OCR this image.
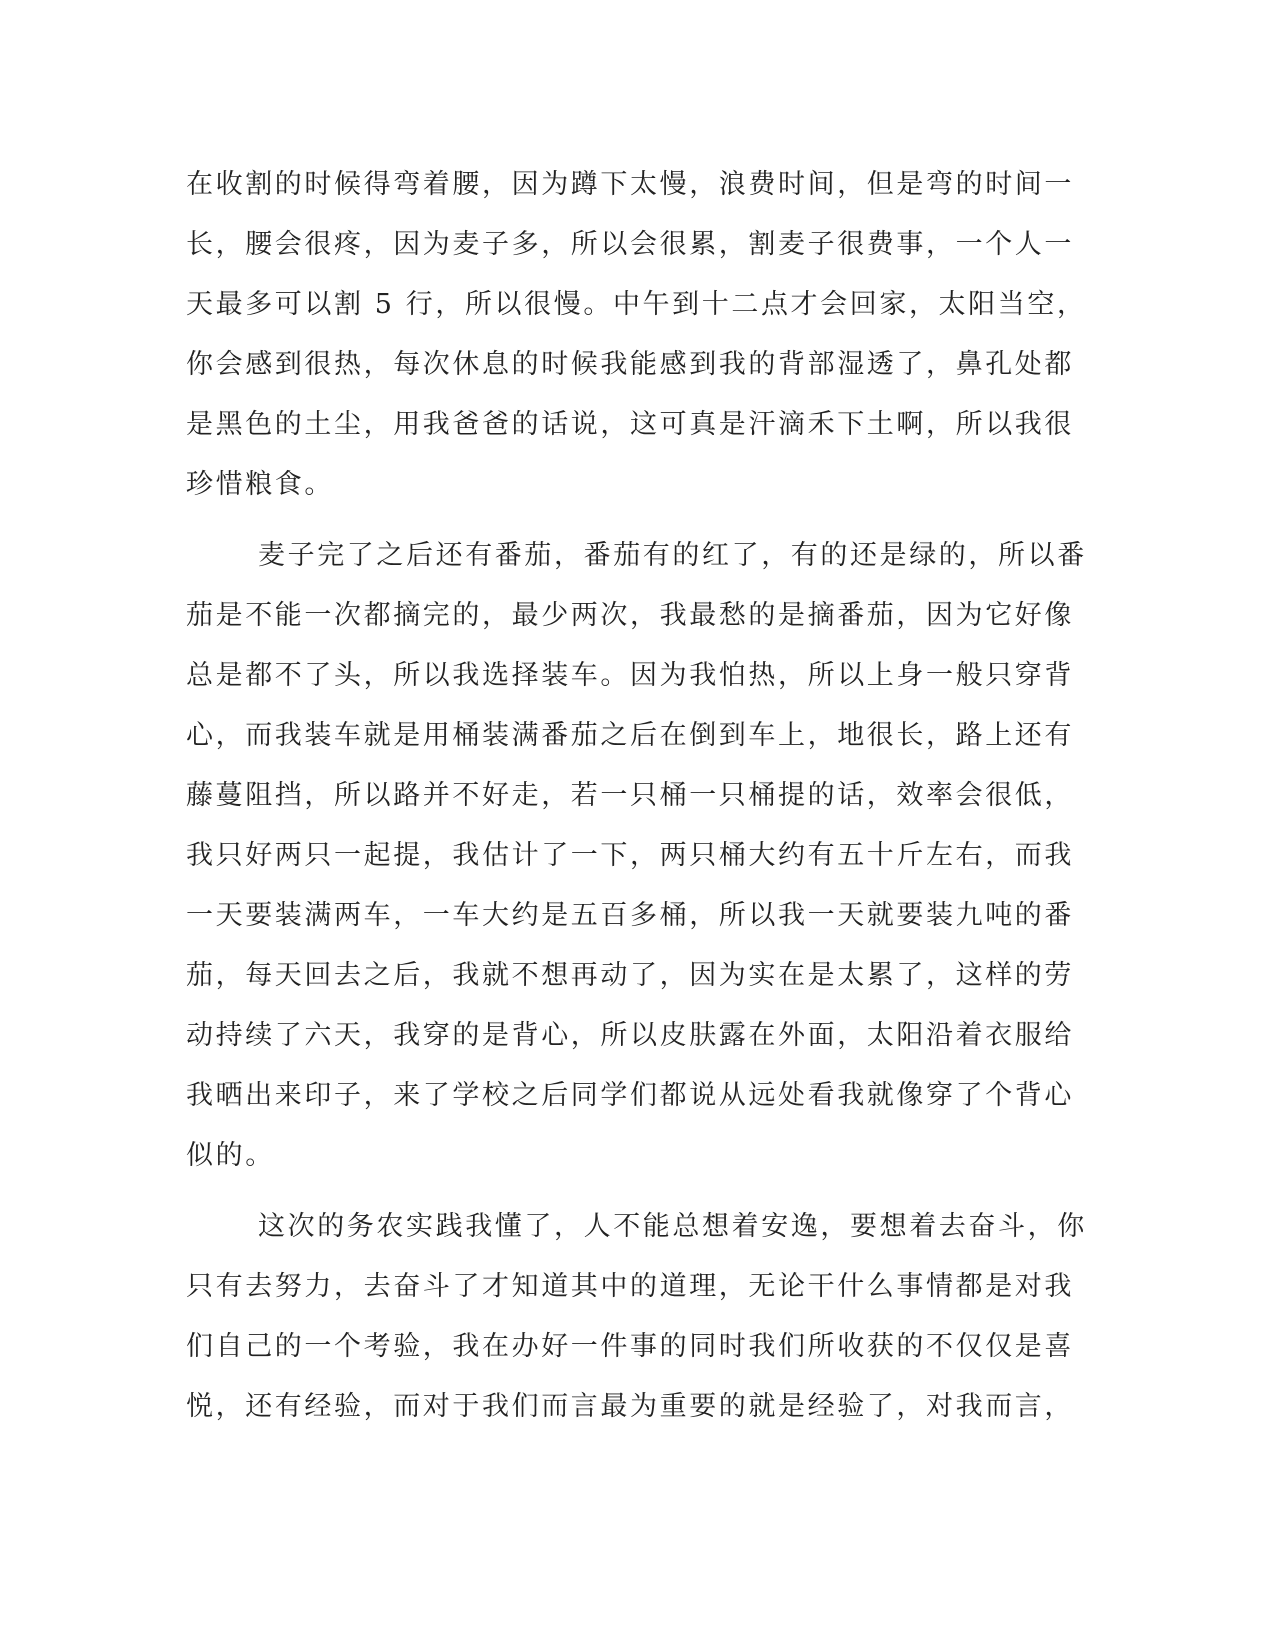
在收割的时候得弯着腰，因为蹲下太慢，浪费时间，但是弯的时间一
长，腰会很疼，因为麦子多，所以会很累，割麦子很费事，一个人一
天最多可以割 5 行，所以很慢。中午到十二点才会回家，太阳当空，
你会感到很热，每次休息的时候我能感到我的背部湿透了，鼻孔处都
是黑色的土尘，用我爸爸的话说，这可真是汗滴禾下土啊，所以我很
珍惜粮食。
麦子完了之后还有番茄，番茄有的红了，有的还是绿的，所以番
茄是不能一次都摘完的，最少两次，我最愁的是摘番茄，因为它好像
总是都不了头，所以我选择装车。因为我怕热，所以上身一般只穿背
心，而我装车就是用桶装满番茄之后在倒到车上，地很长，路上还有
藤蔓阻挡，所以路并不好走，若一只桶一只桶提的话，效率会很低，
我只好两只一起提，我估计了一下，两只桶大约有五十斤左右，而我
一天要装满两车，一车大约是五百多桶，所以我一天就要装九吨的番
茄，每天回去之后，我就不想再动了，因为实在是太累了，这样的劳
动持续了六天，我穿的是背心，所以皮肤露在外面，太阳沿着衣服给
我晒出来印子，来了学校之后同学们都说从远处看我就像穿了个背心
似的。
这次的务农实践我懂了，人不能总想着安逸，要想着去奋斗，你
只有去努力，去奋斗了才知道其中的道理，无论干什么事情都是对我
们自己的一个考验，我在办好一件事的同时我们所收获的不仅仅是喜
悦，还有经验，而对于我们而言最为重要的就是经验了，对我而言，
